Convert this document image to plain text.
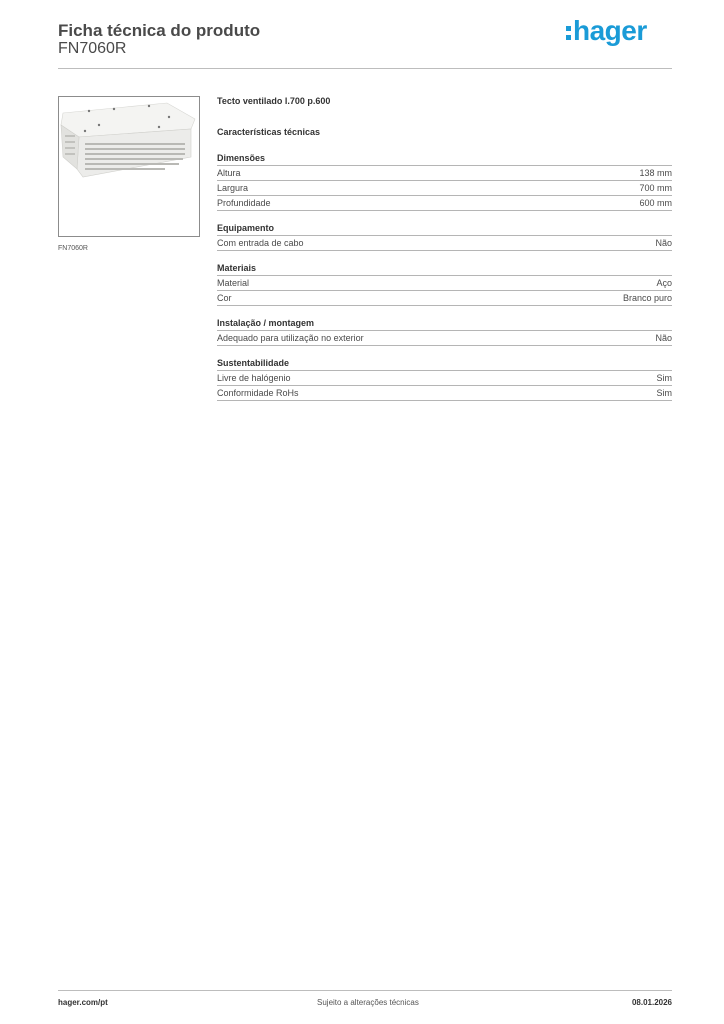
Ficha técnica do produto
FN7060R
hager
FN7060R
Tecto ventilado l.700 p.600
Características técnicas
Dimensões
Altura	138 mm
Largura	700 mm
Profundidade	600 mm
Equipamento
Com entrada de cabo	Não
Materiais
Material	Aço
Cor	Branco puro
Instalação / montagem
Adequado para utilização no exterior	Não
Sustentabilidade
Livre de halógenio	Sim
Conformidade RoHs	Sim
hager.com/pt	Sujeito a alterações técnicas	08.01.2026
